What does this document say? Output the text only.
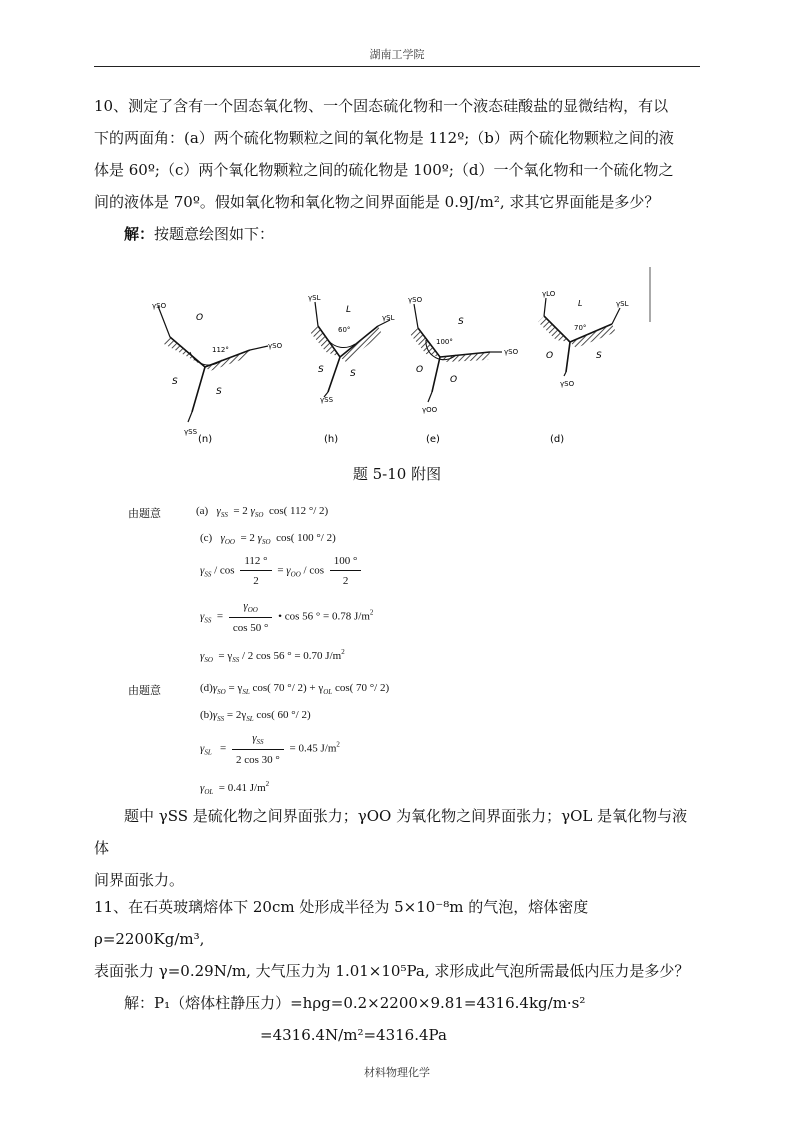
湖南工学院
10、测定了含有一个固态氧化物、一个固态硫化物和一个液态硅酸盐的显微结构，有以
下的两面角：(a）两个硫化物颗粒之间的氧化物是 112º;（b）两个硫化物颗粒之间的液
体是 60º;（c）两个氧化物颗粒之间的硫化物是 100º;（d）一个氧化物和一个硫化物之
间的液体是 70º。假如氧化物和氧化物之间界面能是 0.9J/m², 求其它界面能是多少？
解：按题意绘图如下：
γSO
γSO
γSS
112°
O
S
S
(n)
γSL
γSL
γSS
60°
L
S	S
(h)
γSO
γSO
γOO
100°
S
O
O
(e)
γLO
γSL
γSO
70°
L
O	S
(d)
题 5-10 附图
由题意	(a) $\gamma_{SS} = 2$ $\gamma_{SO}$ cos( 112 °/ 2)
(c) $\gamma_{OO} = 2$ $\gamma_{SO}$ cos( 100 °/ 2)
$\gamma_{SS} / \cos \frac{112 ^\circ}{2} = \gamma_{OO} / \cos \frac{100 ^\circ}{2}$
$\gamma_{SS} = \frac{\gamma_{OO}}{\cos 50 ^\circ}$ • cos 56 ° = 0.78 $J/m^2$
$\gamma_{SO} = \gamma_{SS} / 2$ cos 56 ° = 0.70 $J/m^2$
由题意	$(d)\gamma_{SO} = \gamma_{SL}$ cos( 70 °/ $2) + \gamma_{OL}$ cos( 70 °/ 2)
$(b)\gamma_{SS} = 2\gamma_{SL}$ cos( 60 °/ 2)
$\gamma_{SL} = \frac{\gamma_{SS}}{2 \cos 30 ^\circ} = 0.45$ $J/m^2$
$\gamma_{OL} = 0.41$ $J/m^2$
题中 γSS 是硫化物之间界面张力；γOO 为氧化物之间界面张力；γOL 是氧化物与液体
间界面张力。
11、在石英玻璃熔体下 20cm 处形成半径为 5×10⁻⁸m 的气泡，熔体密度 ρ=2200Kg/m³,
表面张力 γ=0.29N/m, 大气压力为 1.01×10⁵Pa, 求形成此气泡所需最低内压力是多少？
解：P₁（熔体柱静压力）=hρg=0.2×2200×9.81=4316.4kg/m·s²
=4316.4N/m²=4316.4Pa
材料物理化学
